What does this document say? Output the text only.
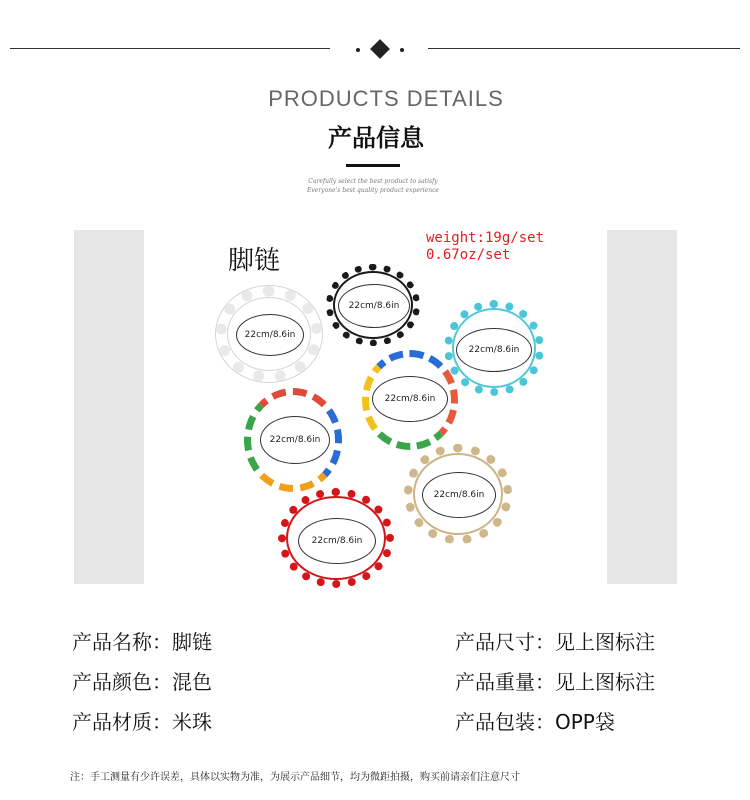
PRODUCTS DETAILS
产品信息
Carefully select the best product to satisfy
Everyone's best quality product experience
脚链
weight:19g/set
0.67oz/set
22cm/8.6in
22cm/8.6in
22cm/8.6in
22cm/8.6in
22cm/8.6in
22cm/8.6in
22cm/8.6in
产品名称：脚链
产品颜色：混色
产品材质：米珠
产品尺寸：见上图标注
产品重量：见上图标注
产品包装：OPP袋
注：手工测量有少许误差，具体以实物为准，为展示产品细节，均为微距拍摄，购买前请亲们注意尺寸
